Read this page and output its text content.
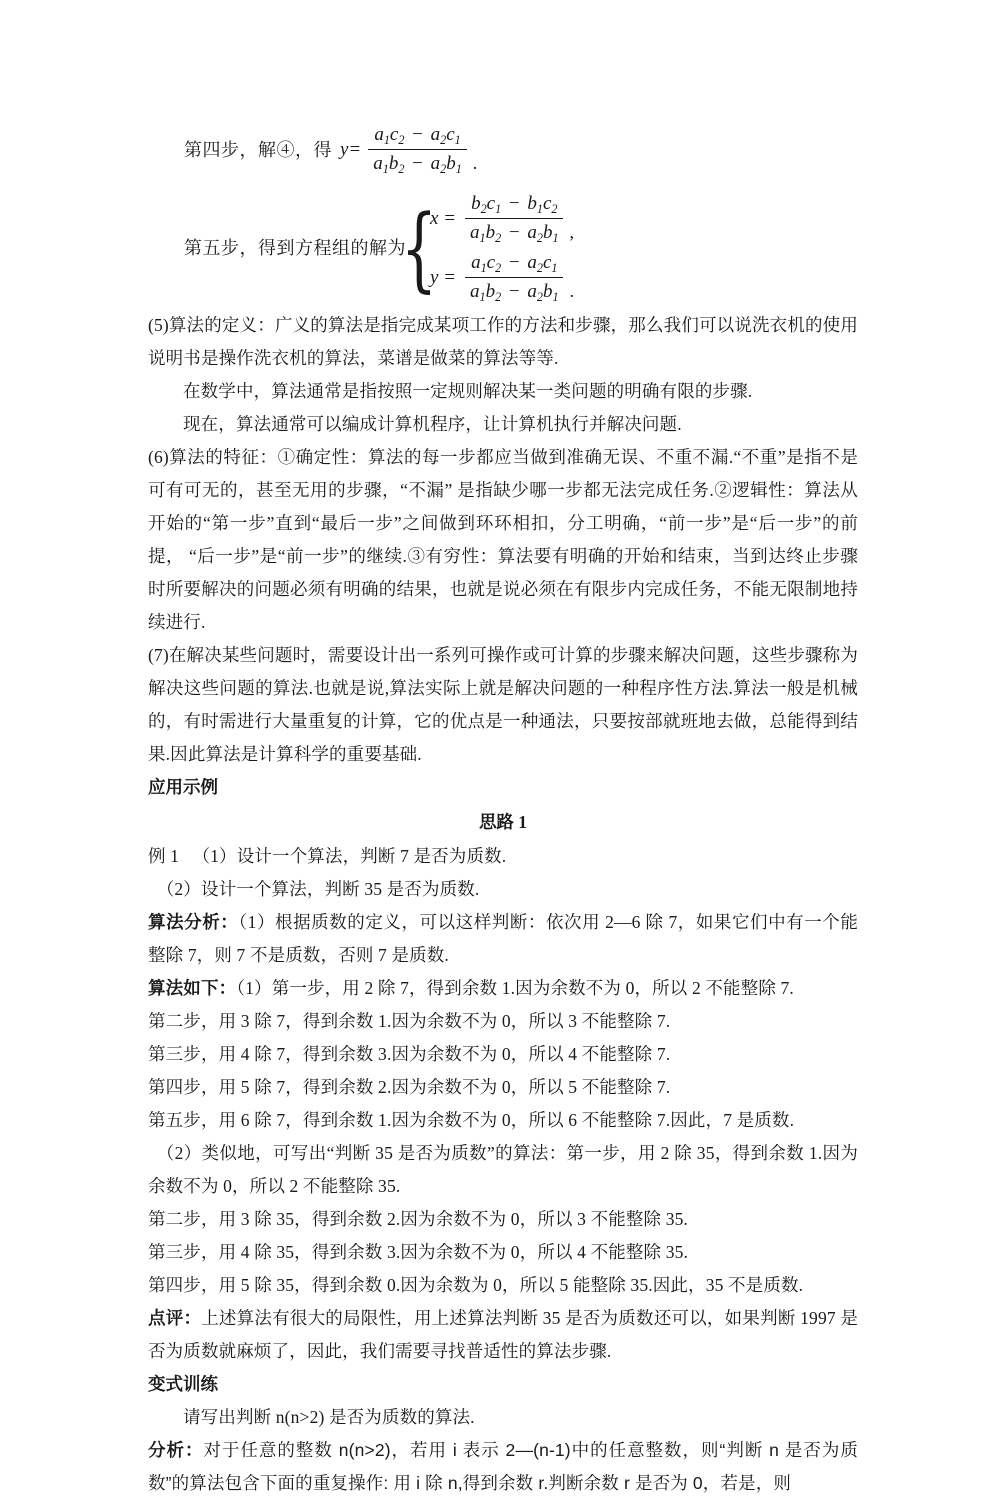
第四步，解④，得 $y= \frac{a_1c_2 - a_2c_1}{a_1b_2 - a_2b_1}$ .
第五步，得到方程组的解为
{
$x = \frac{b_2c_1 - b_1c_2}{a_1b_2 - a_2b_1}$ ,
$y = \frac{a_1c_2 - a_2c_1}{a_1b_2 - a_2b_1}$ .

(5)算法的定义：广义的算法是指完成某项工作的方法和步骤，那么我们可以说洗衣机的使用说明书是操作洗衣机的算法，菜谱是做菜的算法等等.

在数学中，算法通常是指按照一定规则解决某一类问题的明确有限的步骤.

现在，算法通常可以编成计算机程序，让计算机执行并解决问题.

(6)算法的特征：①确定性：算法的每一步都应当做到准确无误、不重不漏.“不重”是指不是可有可无的，甚至无用的步骤，“不漏” 是指缺少哪一步都无法完成任务.②逻辑性：算法从开始的“第一步”直到“最后一步”之间做到环环相扣，分工明确，“前一步”是“后一步”的前提， “后一步”是“前一步”的继续.③有穷性：算法要有明确的开始和结束，当到达终止步骤时所要解决的问题必须有明确的结果，也就是说必须在有限步内完成任务，不能无限制地持续进行.

(7)在解决某些问题时，需要设计出一系列可操作或可计算的步骤来解决问题，这些步骤称为解决这些问题的算法.也就是说,算法实际上就是解决问题的一种程序性方法.算法一般是机械的，有时需进行大量重复的计算，它的优点是一种通法，只要按部就班地去做，总能得到结果.因此算法是计算科学的重要基础.

应用示例
思路 1

例 1 　（1）设计一个算法，判断 7 是否为质数.

（2）设计一个算法，判断 35 是否为质数.

算法分析：（1）根据质数的定义，可以这样判断：依次用 2—6 除 7，如果它们中有一个能整除 7，则 7 不是质数，否则 7 是质数.

算法如下：（1）第一步，用 2 除 7，得到余数 1.因为余数不为 0，所以 2 不能整除 7.

第二步，用 3 除 7，得到余数 1.因为余数不为 0，所以 3 不能整除 7.

第三步，用 4 除 7，得到余数 3.因为余数不为 0，所以 4 不能整除 7.

第四步，用 5 除 7，得到余数 2.因为余数不为 0，所以 5 不能整除 7.

第五步，用 6 除 7，得到余数 1.因为余数不为 0，所以 6 不能整除 7.因此，7 是质数.

（2）类似地，可写出“判断 35 是否为质数”的算法：第一步，用 2 除 35，得到余数 1.因为余数不为 0，所以 2 不能整除 35.

第二步，用 3 除 35，得到余数 2.因为余数不为 0，所以 3 不能整除 35.

第三步，用 4 除 35，得到余数 3.因为余数不为 0，所以 4 不能整除 35.

第四步，用 5 除 35，得到余数 0.因为余数为 0，所以 5 能整除 35.因此，35 不是质数.

点评：上述算法有很大的局限性，用上述算法判断 35 是否为质数还可以，如果判断 1997 是否为质数就麻烦了，因此，我们需要寻找普适性的算法步骤.

变式训练

请写出判断 n(n>2) 是否为质数的算法.

分析：对于任意的整数 n(n>2)，若用 i 表示 2—(n-1)中的任意整数，则“判断 n 是否为质数”的算法包含下面的重复操作: 用 i 除 n,得到余数 r.判断余数 r 是否为 0，若是，则
